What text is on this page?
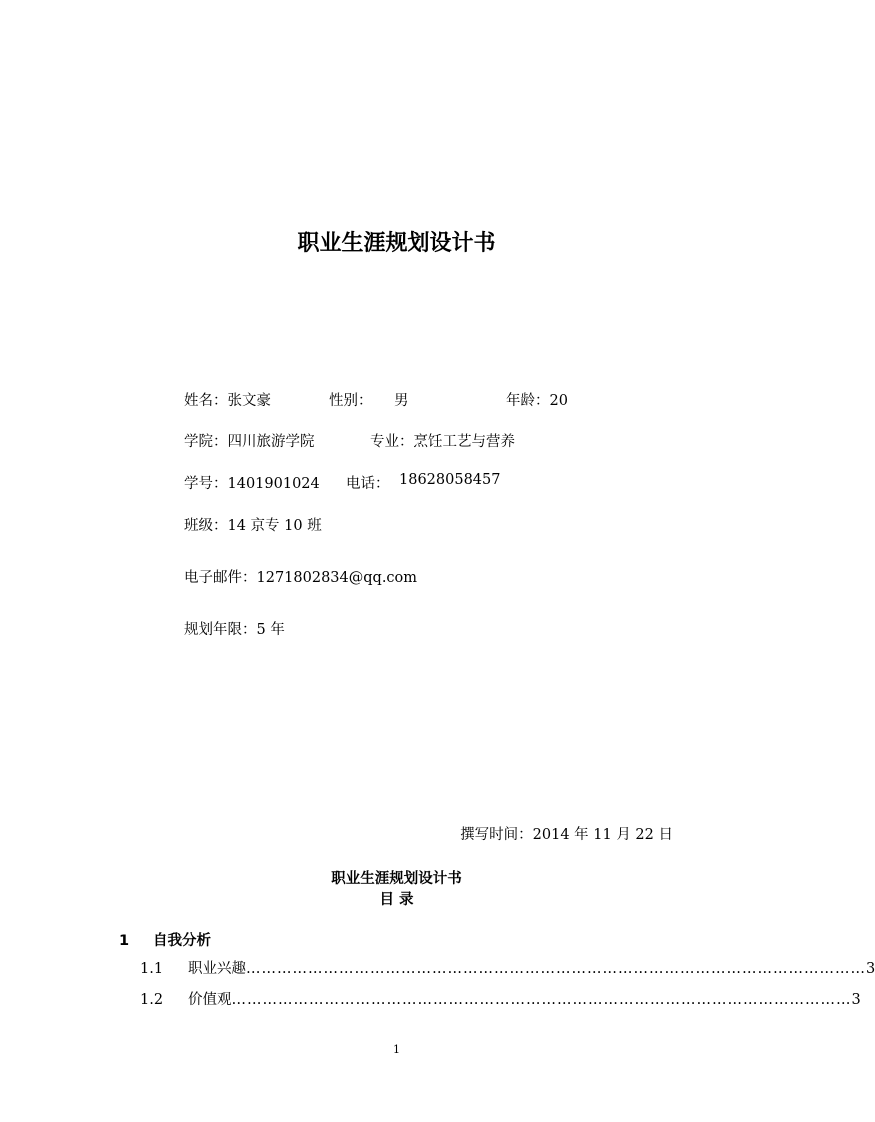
职业生涯规划设计书
姓名：张文豪	性别： 男	年龄：20
学院：四川旅游学院	专业：烹饪工艺与营养
学号：1401901024 电话： 18628058457
班级：14 京专 10 班
电子邮件：1271802834@qq.com
规划年限：5 年
撰写时间：2014 年 11 月 22 日
职业生涯规划设计书
目 录
1 自我分析
1.1	职业兴趣 ………………………………………………………………………………………………………… 3
1.2	价值观 ………………………………………………………………………………………………………… 3
1
